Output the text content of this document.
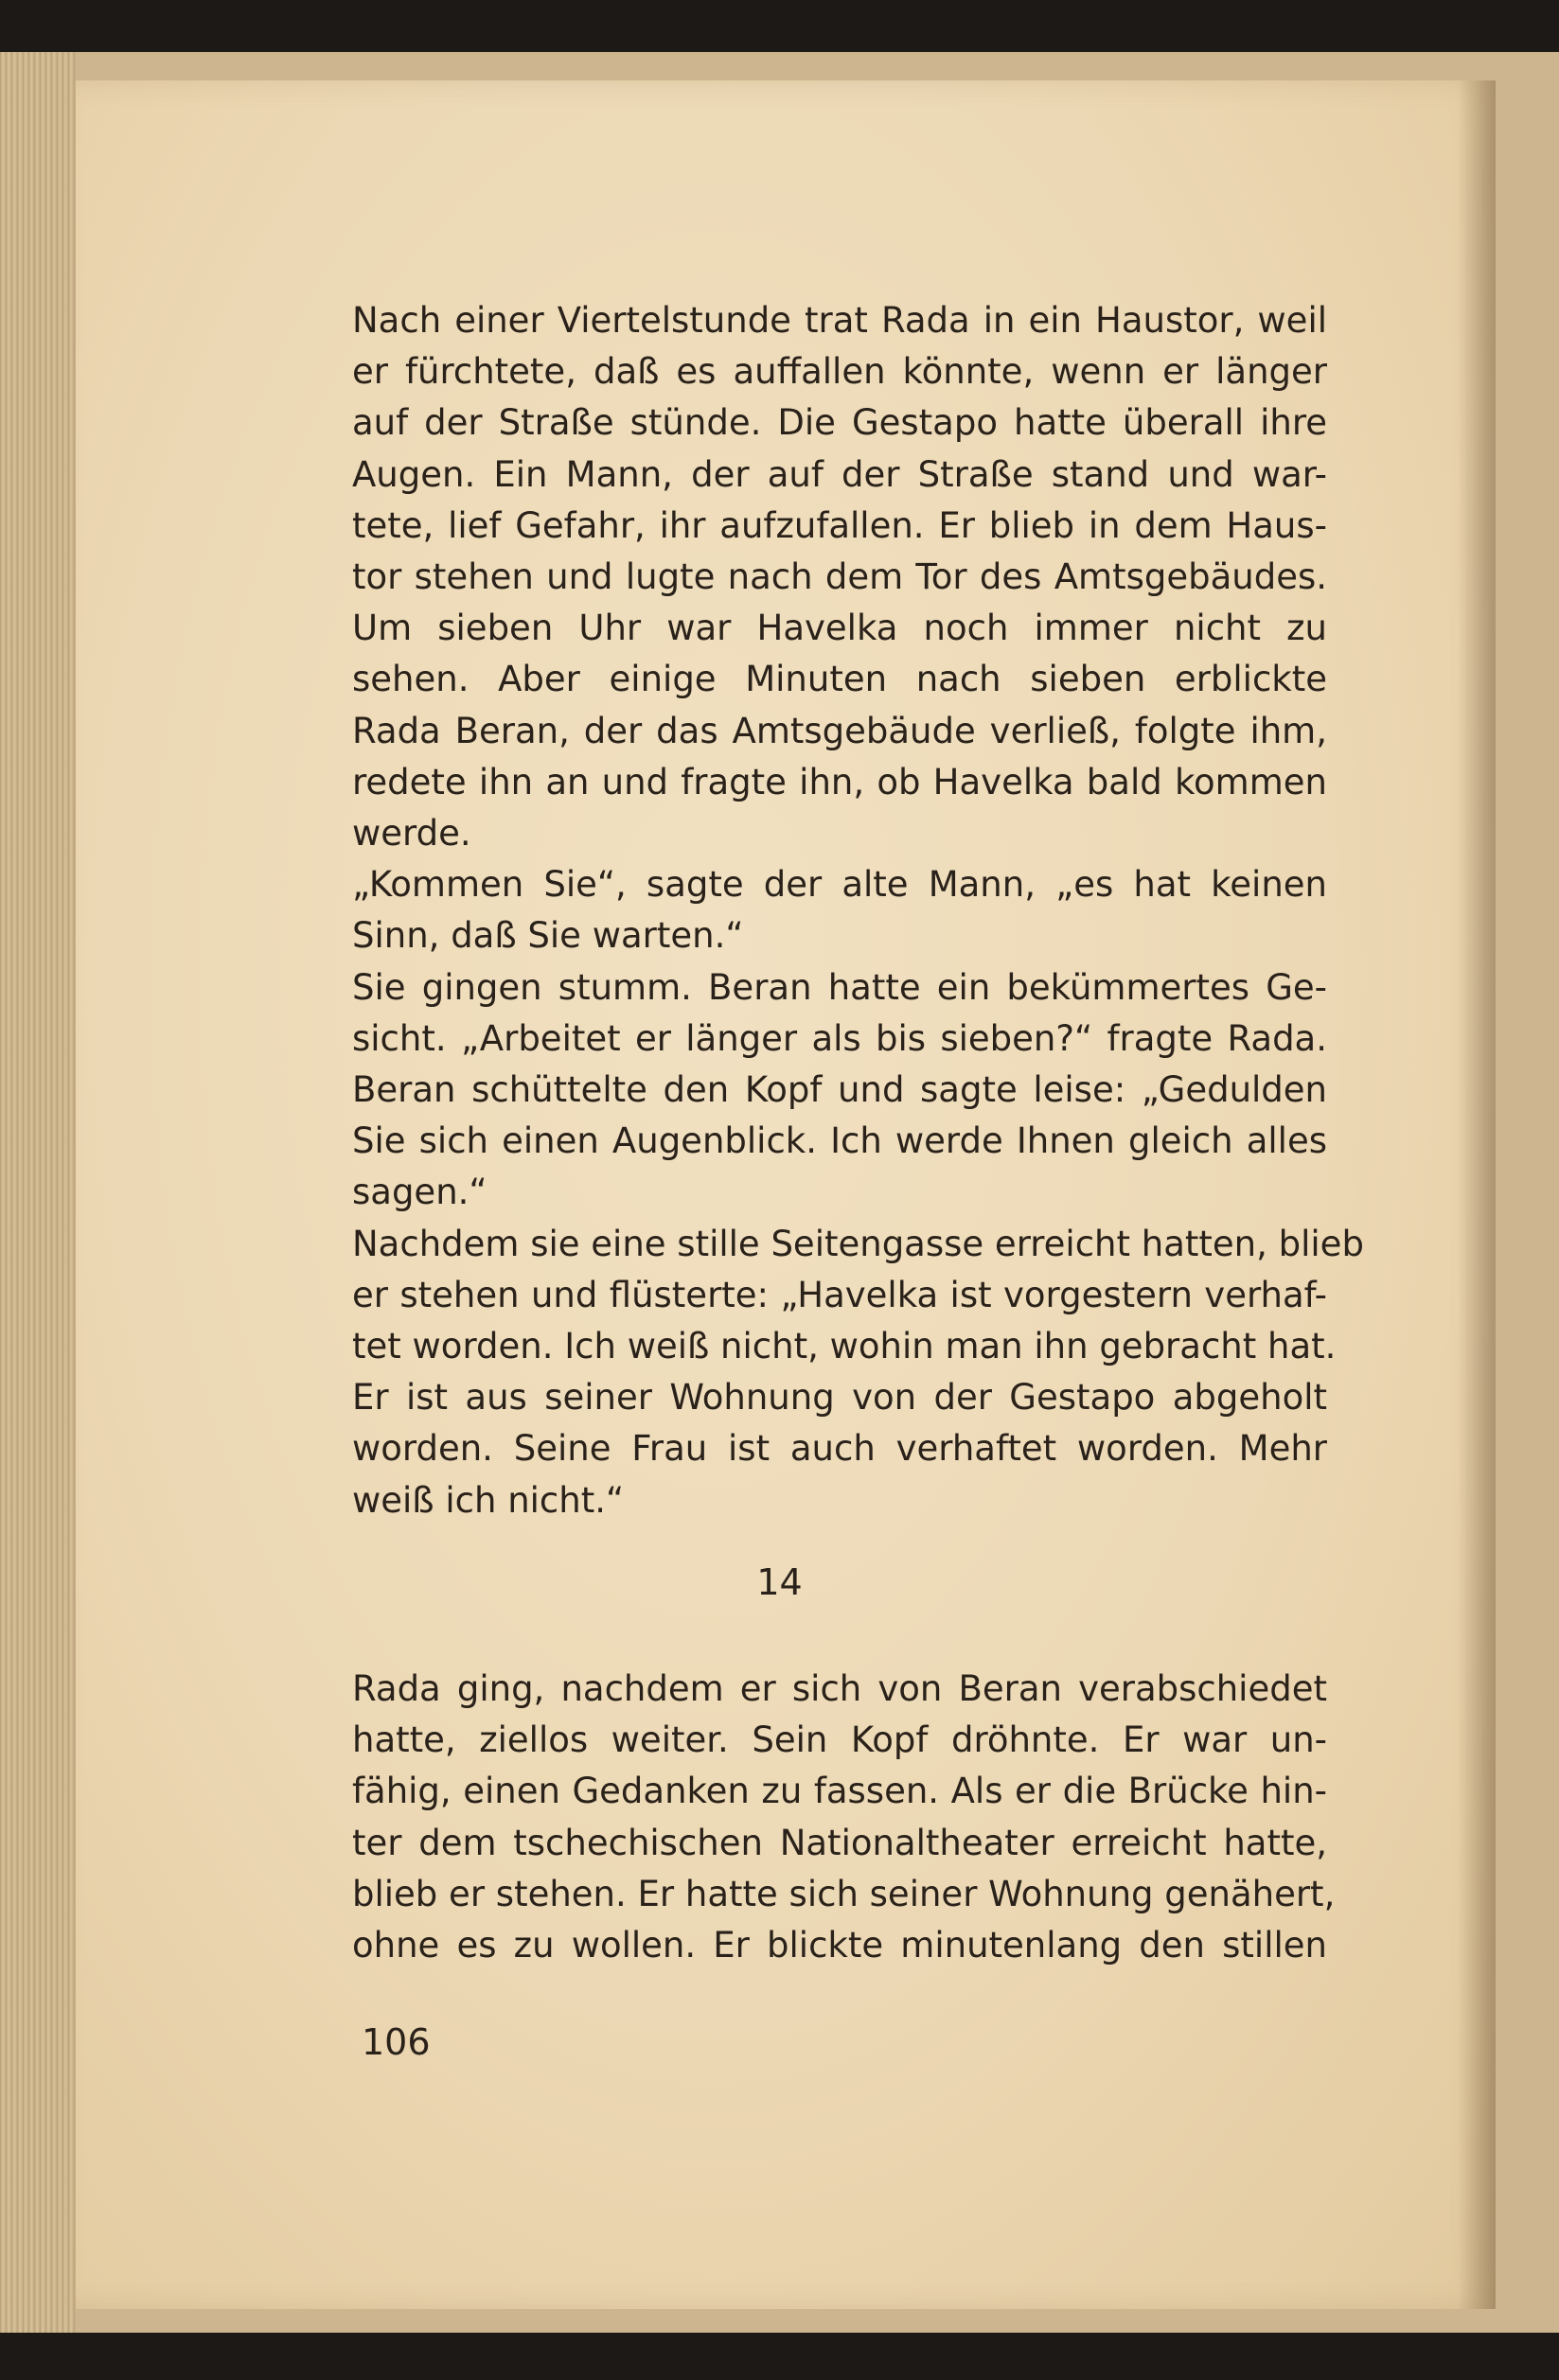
Nach einer Viertelstunde trat Rada in ein Haustor, weil
er fürchtete, daß es auffallen könnte, wenn er länger
auf der Straße stünde. Die Gestapo hatte überall ihre
Augen. Ein Mann, der auf der Straße stand und war-
tete, lief Gefahr, ihr aufzufallen. Er blieb in dem Haus-
tor stehen und lugte nach dem Tor des Amtsgebäudes.
Um sieben Uhr war Havelka noch immer nicht zu
sehen. Aber einige Minuten nach sieben erblickte
Rada Beran, der das Amtsgebäude verließ, folgte ihm,
redete ihn an und fragte ihn, ob Havelka bald kommen
werde.
„Kommen Sie“, sagte der alte Mann, „es hat keinen
Sinn, daß Sie warten.“
Sie gingen stumm. Beran hatte ein bekümmertes Ge-
sicht. „Arbeitet er länger als bis sieben?“ fragte Rada.
Beran schüttelte den Kopf und sagte leise: „Gedulden
Sie sich einen Augenblick. Ich werde Ihnen gleich alles
sagen.“
Nachdem sie eine stille Seitengasse erreicht hatten, blieb
er stehen und flüsterte: „Havelka ist vorgestern verhaf-
tet worden. Ich weiß nicht, wohin man ihn gebracht hat.
Er ist aus seiner Wohnung von der Gestapo abgeholt
worden. Seine Frau ist auch verhaftet worden. Mehr
weiß ich nicht.“
14
Rada ging, nachdem er sich von Beran verabschiedet
hatte, ziellos weiter. Sein Kopf dröhnte. Er war un-
fähig, einen Gedanken zu fassen. Als er die Brücke hin-
ter dem tschechischen Nationaltheater erreicht hatte,
blieb er stehen. Er hatte sich seiner Wohnung genähert,
ohne es zu wollen. Er blickte minutenlang den stillen
106
